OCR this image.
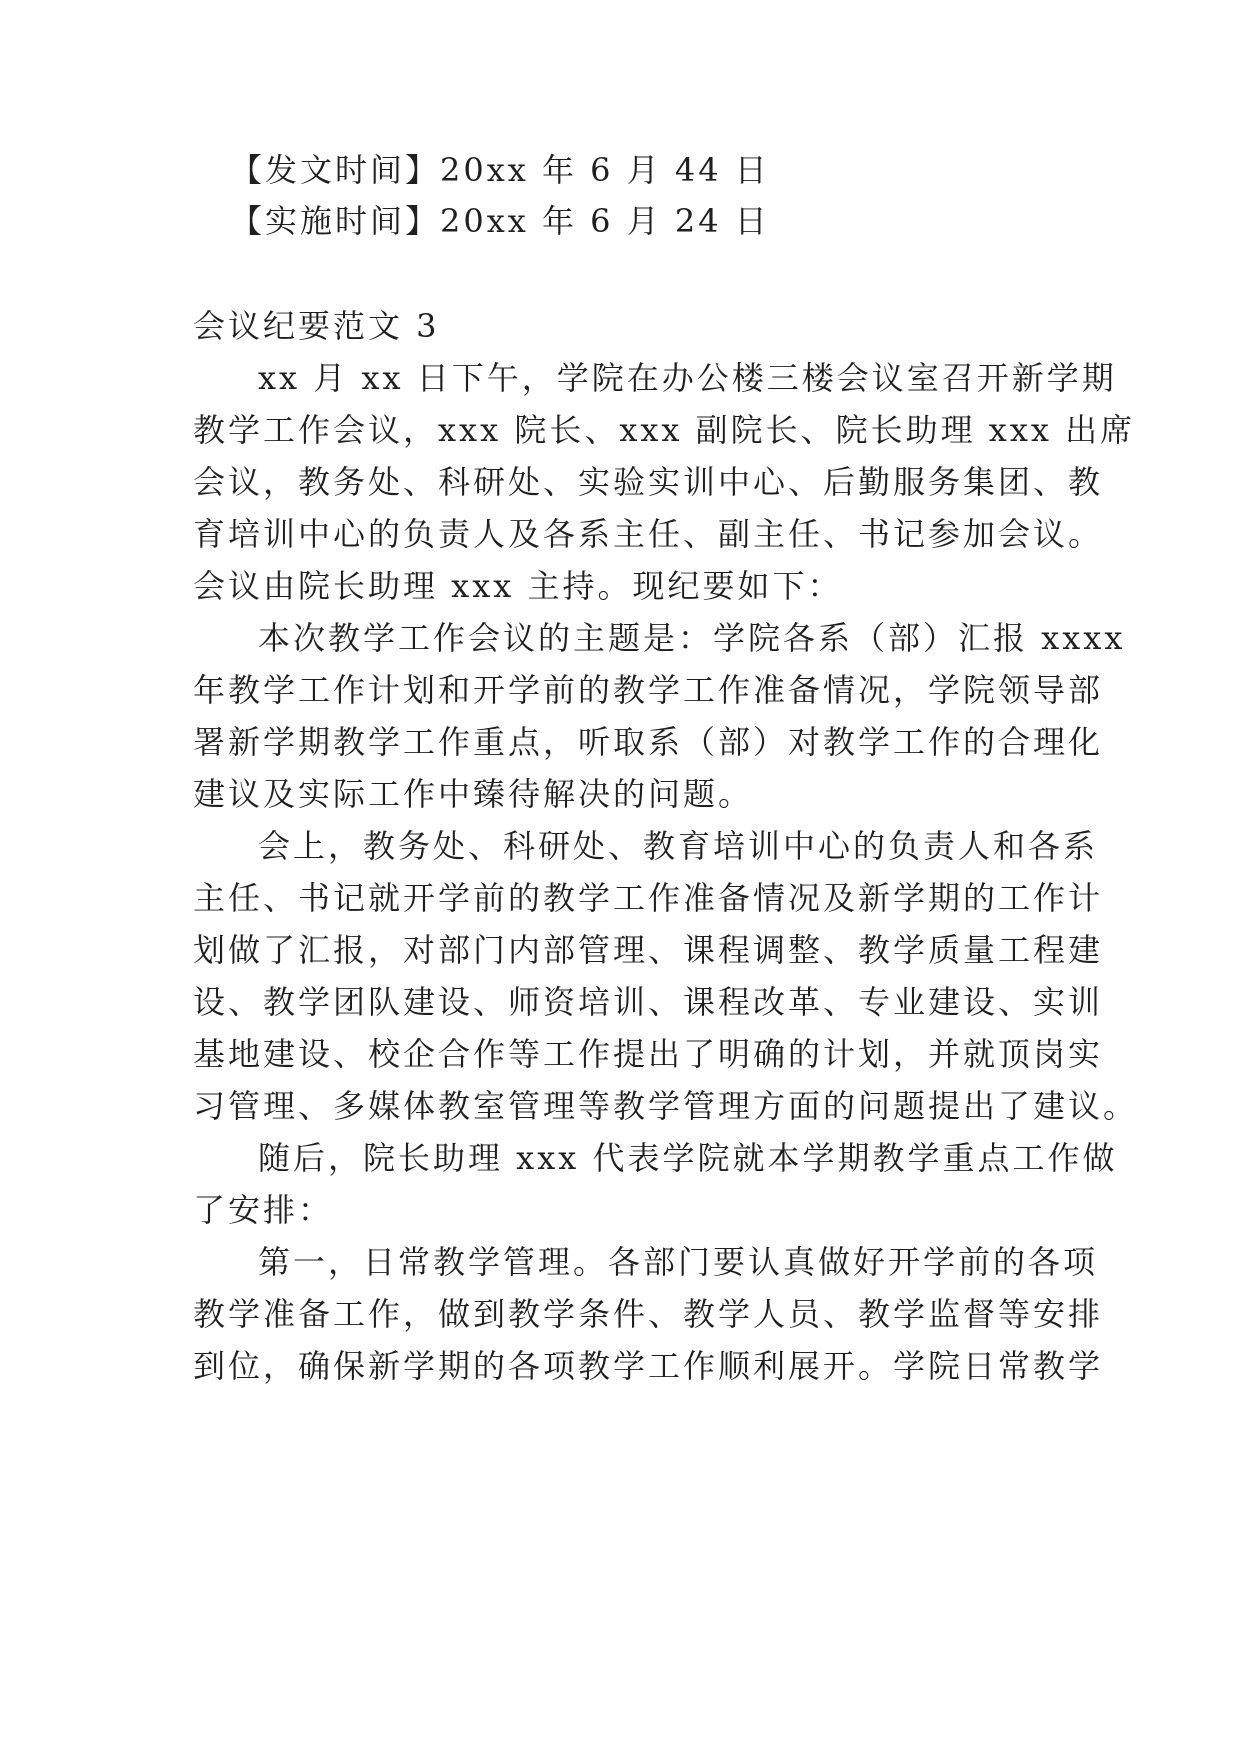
【发文时间】20xx 年 6 月 44 日
【实施时间】20xx 年 6 月 24 日
会议纪要范文 3
xx 月 xx 日下午，学院在办公楼三楼会议室召开新学期
教学工作会议，xxx 院长、xxx 副院长、院长助理 xxx 出席
会议，教务处、科研处、实验实训中心、后勤服务集团、教
育培训中心的负责人及各系主任、副主任、书记参加会议。
会议由院长助理 xxx 主持。现纪要如下：
本次教学工作会议的主题是：学院各系（部）汇报 xxxx
年教学工作计划和开学前的教学工作准备情况，学院领导部
署新学期教学工作重点，听取系（部）对教学工作的合理化
建议及实际工作中臻待解决的问题。
会上，教务处、科研处、教育培训中心的负责人和各系
主任、书记就开学前的教学工作准备情况及新学期的工作计
划做了汇报，对部门内部管理、课程调整、教学质量工程建
设、教学团队建设、师资培训、课程改革、专业建设、实训
基地建设、校企合作等工作提出了明确的计划，并就顶岗实
习管理、多媒体教室管理等教学管理方面的问题提出了建议。
随后，院长助理 xxx 代表学院就本学期教学重点工作做
了安排：
第一，日常教学管理。各部门要认真做好开学前的各项
教学准备工作，做到教学条件、教学人员、教学监督等安排
到位，确保新学期的各项教学工作顺利展开。学院日常教学
